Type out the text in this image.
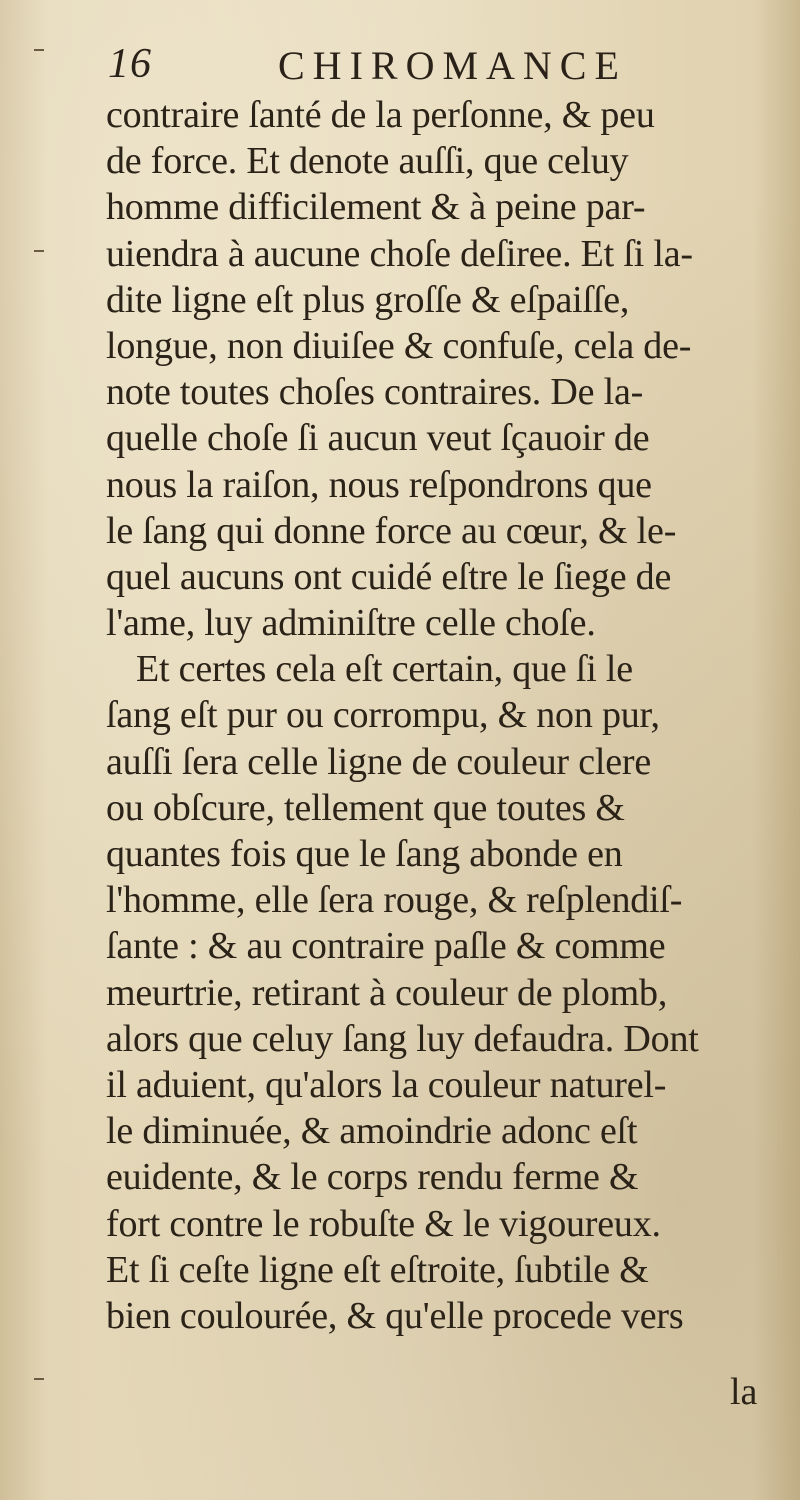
16	CHIROMANCE
contraire ſanté de la perſonne, & peu
de force. Et denote auſſi, que celuy
homme difficilement & à peine par-
uiendra à aucune choſe deſiree. Et ſi la-
dite ligne eſt plus groſſe & eſpaiſſe,
longue, non diuiſee & confuſe, cela de-
note toutes choſes contraires. De la-
quelle choſe ſi aucun veut ſçauoir de
nous la raiſon, nous reſpondrons que
le ſang qui donne force au cœur, & le-
quel aucuns ont cuidé eſtre le ſiege de
l'ame, luy adminiſtre celle choſe.
Et certes cela eſt certain, que ſi le
ſang eſt pur ou corrompu, & non pur,
auſſi ſera celle ligne de couleur clere
ou obſcure, tellement que toutes &
quantes fois que le ſang abonde en
l'homme, elle ſera rouge, & reſplendiſ-
ſante : & au contraire paſle & comme
meurtrie, retirant à couleur de plomb,
alors que celuy ſang luy defaudra. Dont
il aduient, qu'alors la couleur naturel-
le diminuée, & amoindrie adonc eſt
euidente, & le corps rendu ferme &
fort contre le robuſte & le vigoureux.
Et ſi ceſte ligne eſt eſtroite, ſubtile &
bien coulourée, & qu'elle procede vers
la
